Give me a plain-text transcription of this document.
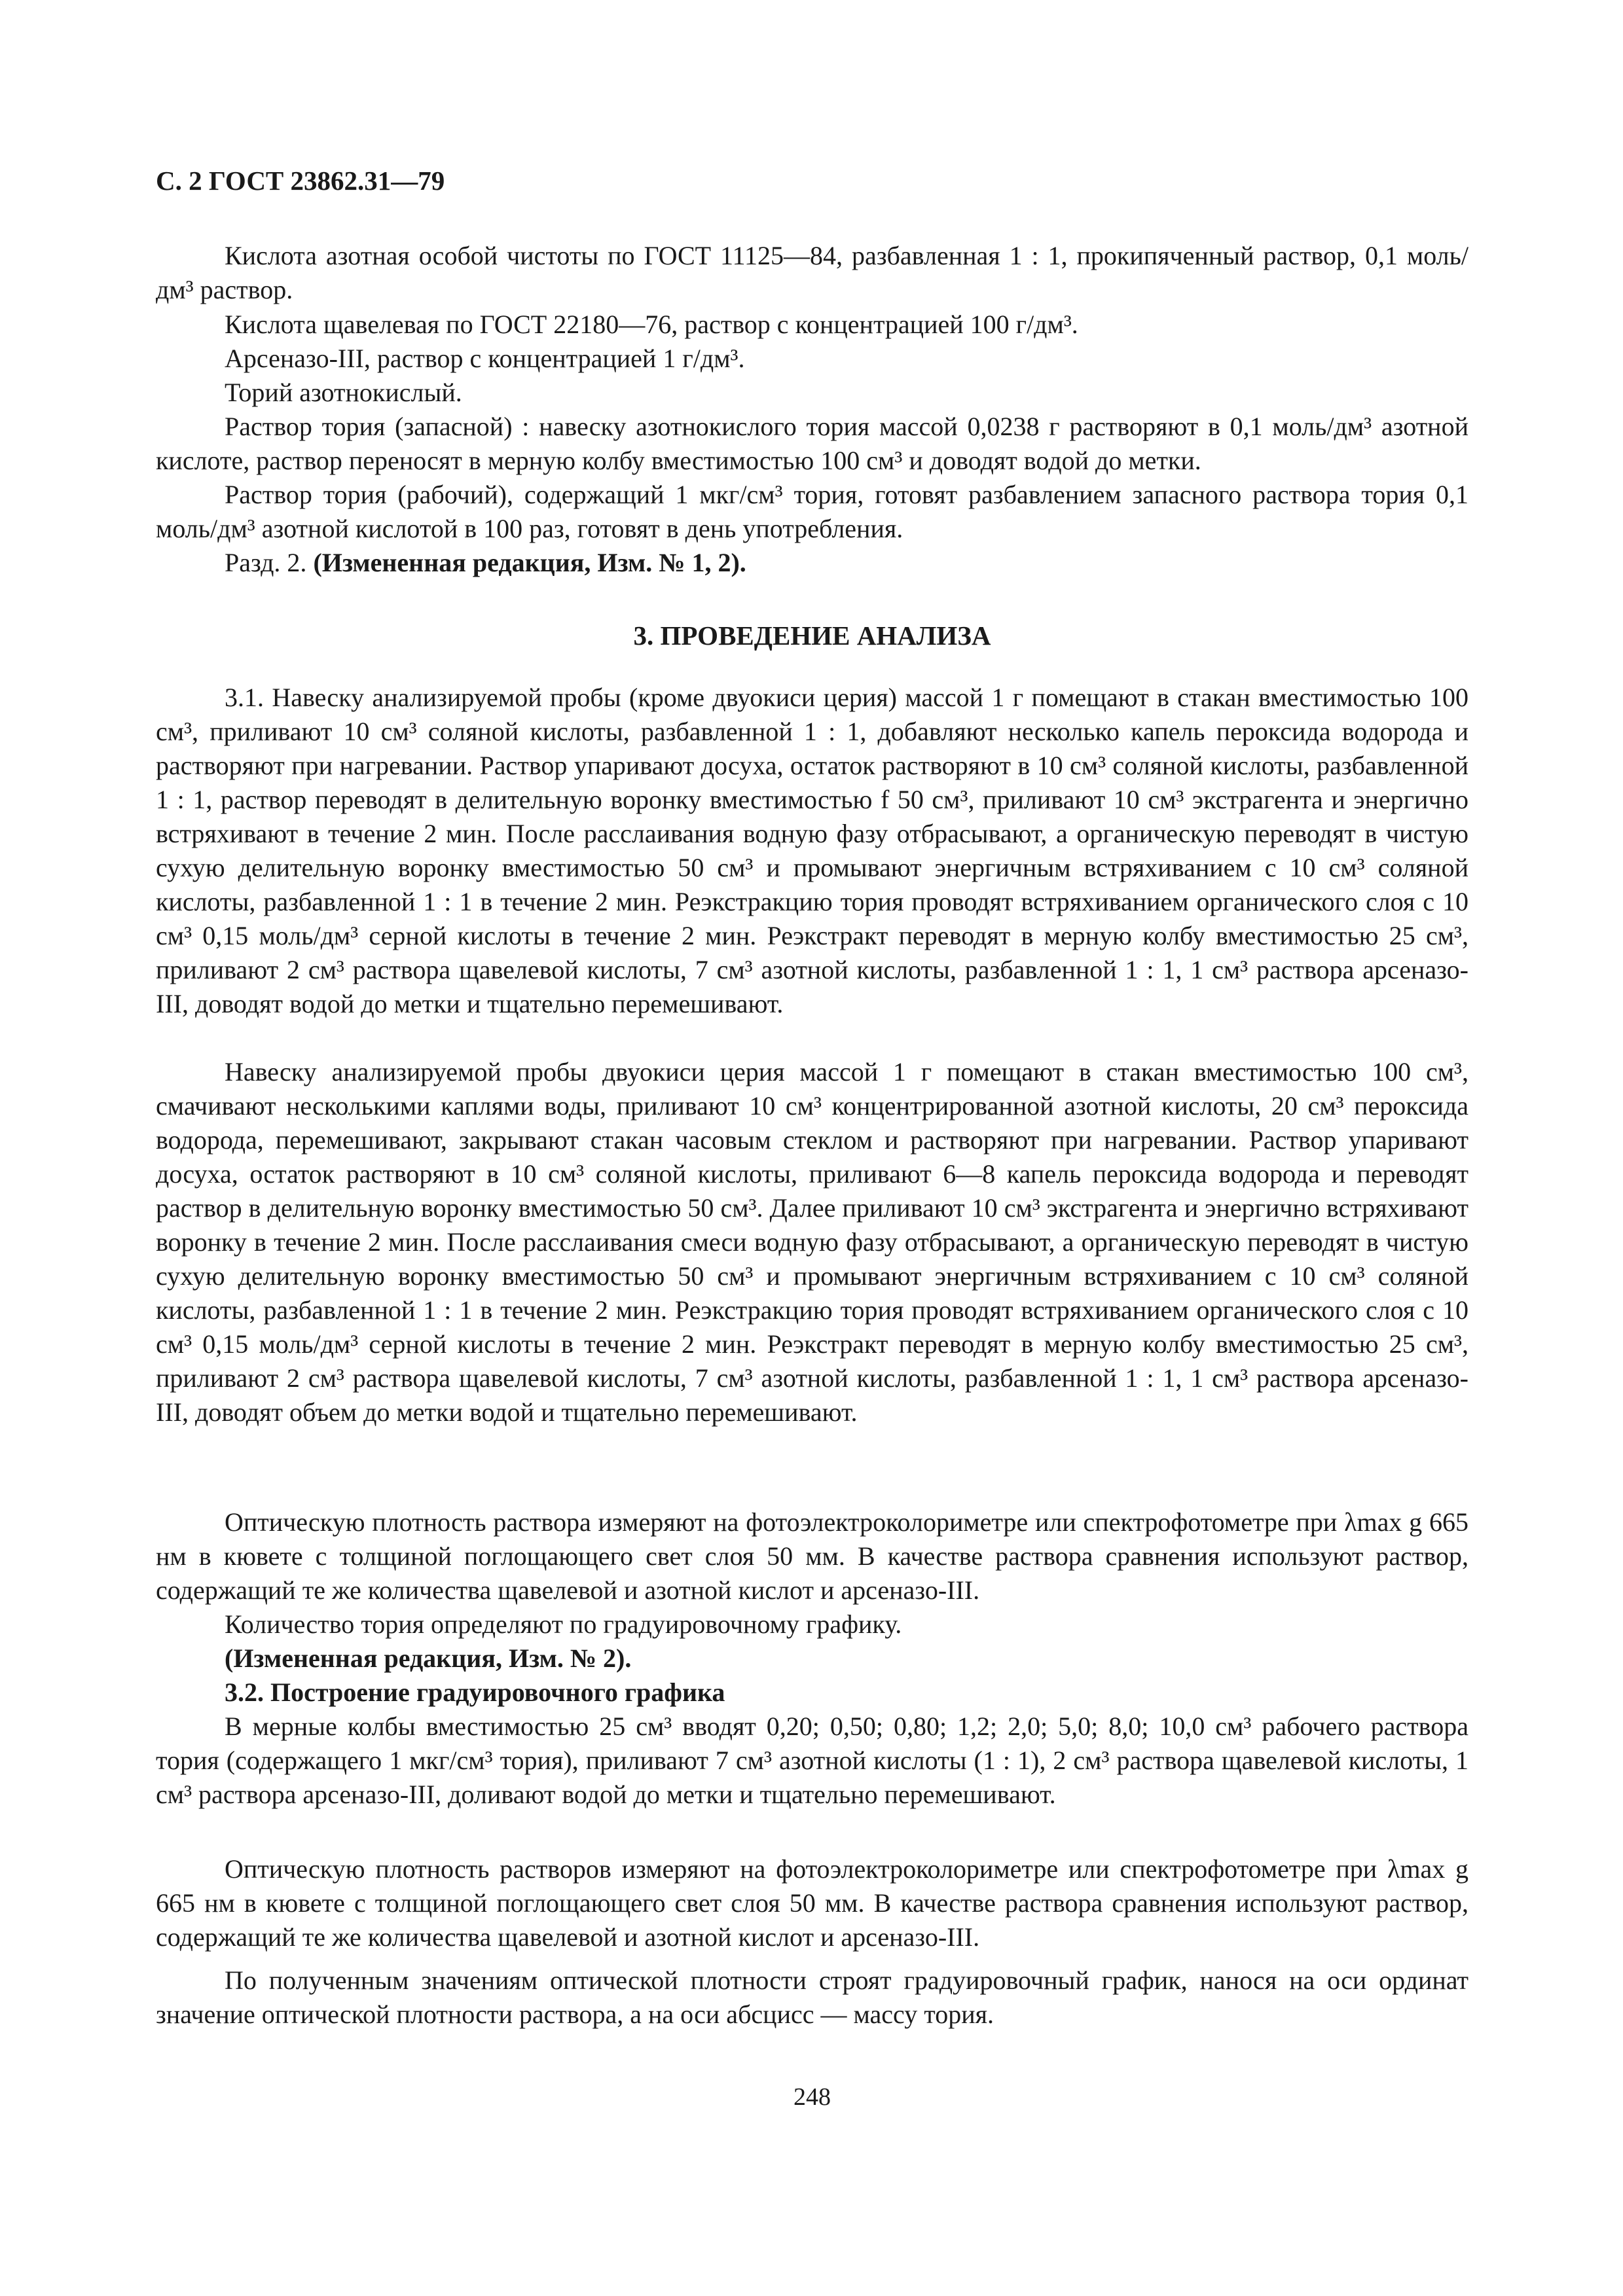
С. 2 ГОСТ 23862.31—79

Кислота азотная особой чистоты по ГОСТ 11125—84, разбавленная 1 : 1, прокипяченный раствор, 0,1 моль/дм³ раствор.

Кислота щавелевая по ГОСТ 22180—76, раствор с концентрацией 100 г/дм³.
Арсеназо-III, раствор с концентрацией 1 г/дм³.
Торий азотнокислый.

Раствор тория (запасной) : навеску азотнокислого тория массой 0,0238 г растворяют в 0,1 моль/дм³ азотной кислоте, раствор переносят в мерную колбу вместимостью 100 см³ и доводят водой до метки.

Раствор тория (рабочий), содержащий 1 мкг/см³ тория, готовят разбавлением запасного раствора тория 0,1 моль/дм³ азотной кислотой в 100 раз, готовят в день употребления.

Разд. 2. (Измененная редакция, Изм. № 1, 2).
3. ПРОВЕДЕНИЕ АНАЛИЗА

3.1. Навеску анализируемой пробы (кроме двуокиси церия) массой 1 г помещают в стакан вместимостью 100 см³, приливают 10 см³ соляной кислоты, разбавленной 1 : 1, добавляют несколько капель пероксида водорода и растворяют при нагревании. Раствор упаривают досуха, остаток растворяют в 10 см³ соляной кислоты, разбавленной 1 : 1, раствор переводят в делительную воронку вместимостью f 50 см³, приливают 10 см³ экстрагента и энергично встряхивают в течение 2 мин. После расслаивания водную фазу отбрасывают, а органическую переводят в чистую сухую делительную воронку вместимостью 50 см³ и промывают энергичным встряхиванием с 10 см³ соляной кислоты, разбавленной 1 : 1 в течение 2 мин. Реэкстракцию тория проводят встряхиванием органического слоя с 10 см³ 0,15 моль/дм³ серной кислоты в течение 2 мин. Реэкстракт переводят в мерную колбу вместимостью 25 см³, приливают 2 см³ раствора щавелевой кислоты, 7 см³ азотной кислоты, разбавленной 1 : 1, 1 см³ раствора арсеназо-III, доводят водой до метки и тщательно перемешивают.

Навеску анализируемой пробы двуокиси церия массой 1 г помещают в стакан вместимостью 100 см³, смачивают несколькими каплями воды, приливают 10 см³ концентрированной азотной кислоты, 20 см³ пероксида водорода, перемешивают, закрывают стакан часовым стеклом и растворяют при нагревании. Раствор упаривают досуха, остаток растворяют в 10 см³ соляной кислоты, приливают 6—8 капель пероксида водорода и переводят раствор в делительную воронку вместимостью 50 см³. Далее приливают 10 см³ экстрагента и энергично встряхивают воронку в течение 2 мин. После расслаивания смеси водную фазу отбрасывают, а органическую переводят в чистую сухую делительную воронку вместимостью 50 см³ и промывают энергичным встряхиванием с 10 см³ соляной кислоты, разбавленной 1 : 1 в течение 2 мин. Реэкстракцию тория проводят встряхиванием органического слоя с 10 см³ 0,15 моль/дм³ серной кислоты в течение 2 мин. Реэкстракт переводят в мерную колбу вместимостью 25 см³, приливают 2 см³ раствора щавелевой кислоты, 7 см³ азотной кислоты, разбавленной 1 : 1, 1 см³ раствора арсеназо-III, доводят объем до метки водой и тщательно перемешивают.

Оптическую плотность раствора измеряют на фотоэлектроколориметре или спектрофотометре при λmax g 665 нм в кювете с толщиной поглощающего свет слоя 50 мм. В качестве раствора сравнения используют раствор, содержащий те же количества щавелевой и азотной кислот и арсеназо-III.

Количество тория определяют по градуировочному графику.
(Измененная редакция, Изм. № 2).
3.2. Построение градуировочного графика

В мерные колбы вместимостью 25 см³ вводят 0,20; 0,50; 0,80; 1,2; 2,0; 5,0; 8,0; 10,0 см³ рабочего раствора тория (содержащего 1 мкг/см³ тория), приливают 7 см³ азотной кислоты (1 : 1), 2 см³ раствора щавелевой кислоты, 1 см³ раствора арсеназо-III, доливают водой до метки и тщательно перемешивают.

Оптическую плотность растворов измеряют на фотоэлектроколориметре или спектрофотометре при λmax g 665 нм в кювете с толщиной поглощающего свет слоя 50 мм. В качестве раствора сравнения используют раствор, содержащий те же количества щавелевой и азотной кислот и арсеназо-III.

По полученным значениям оптической плотности строят градуировочный график, нанося на оси ординат значение оптической плотности раствора, а на оси абсцисс — массу тория.

248
